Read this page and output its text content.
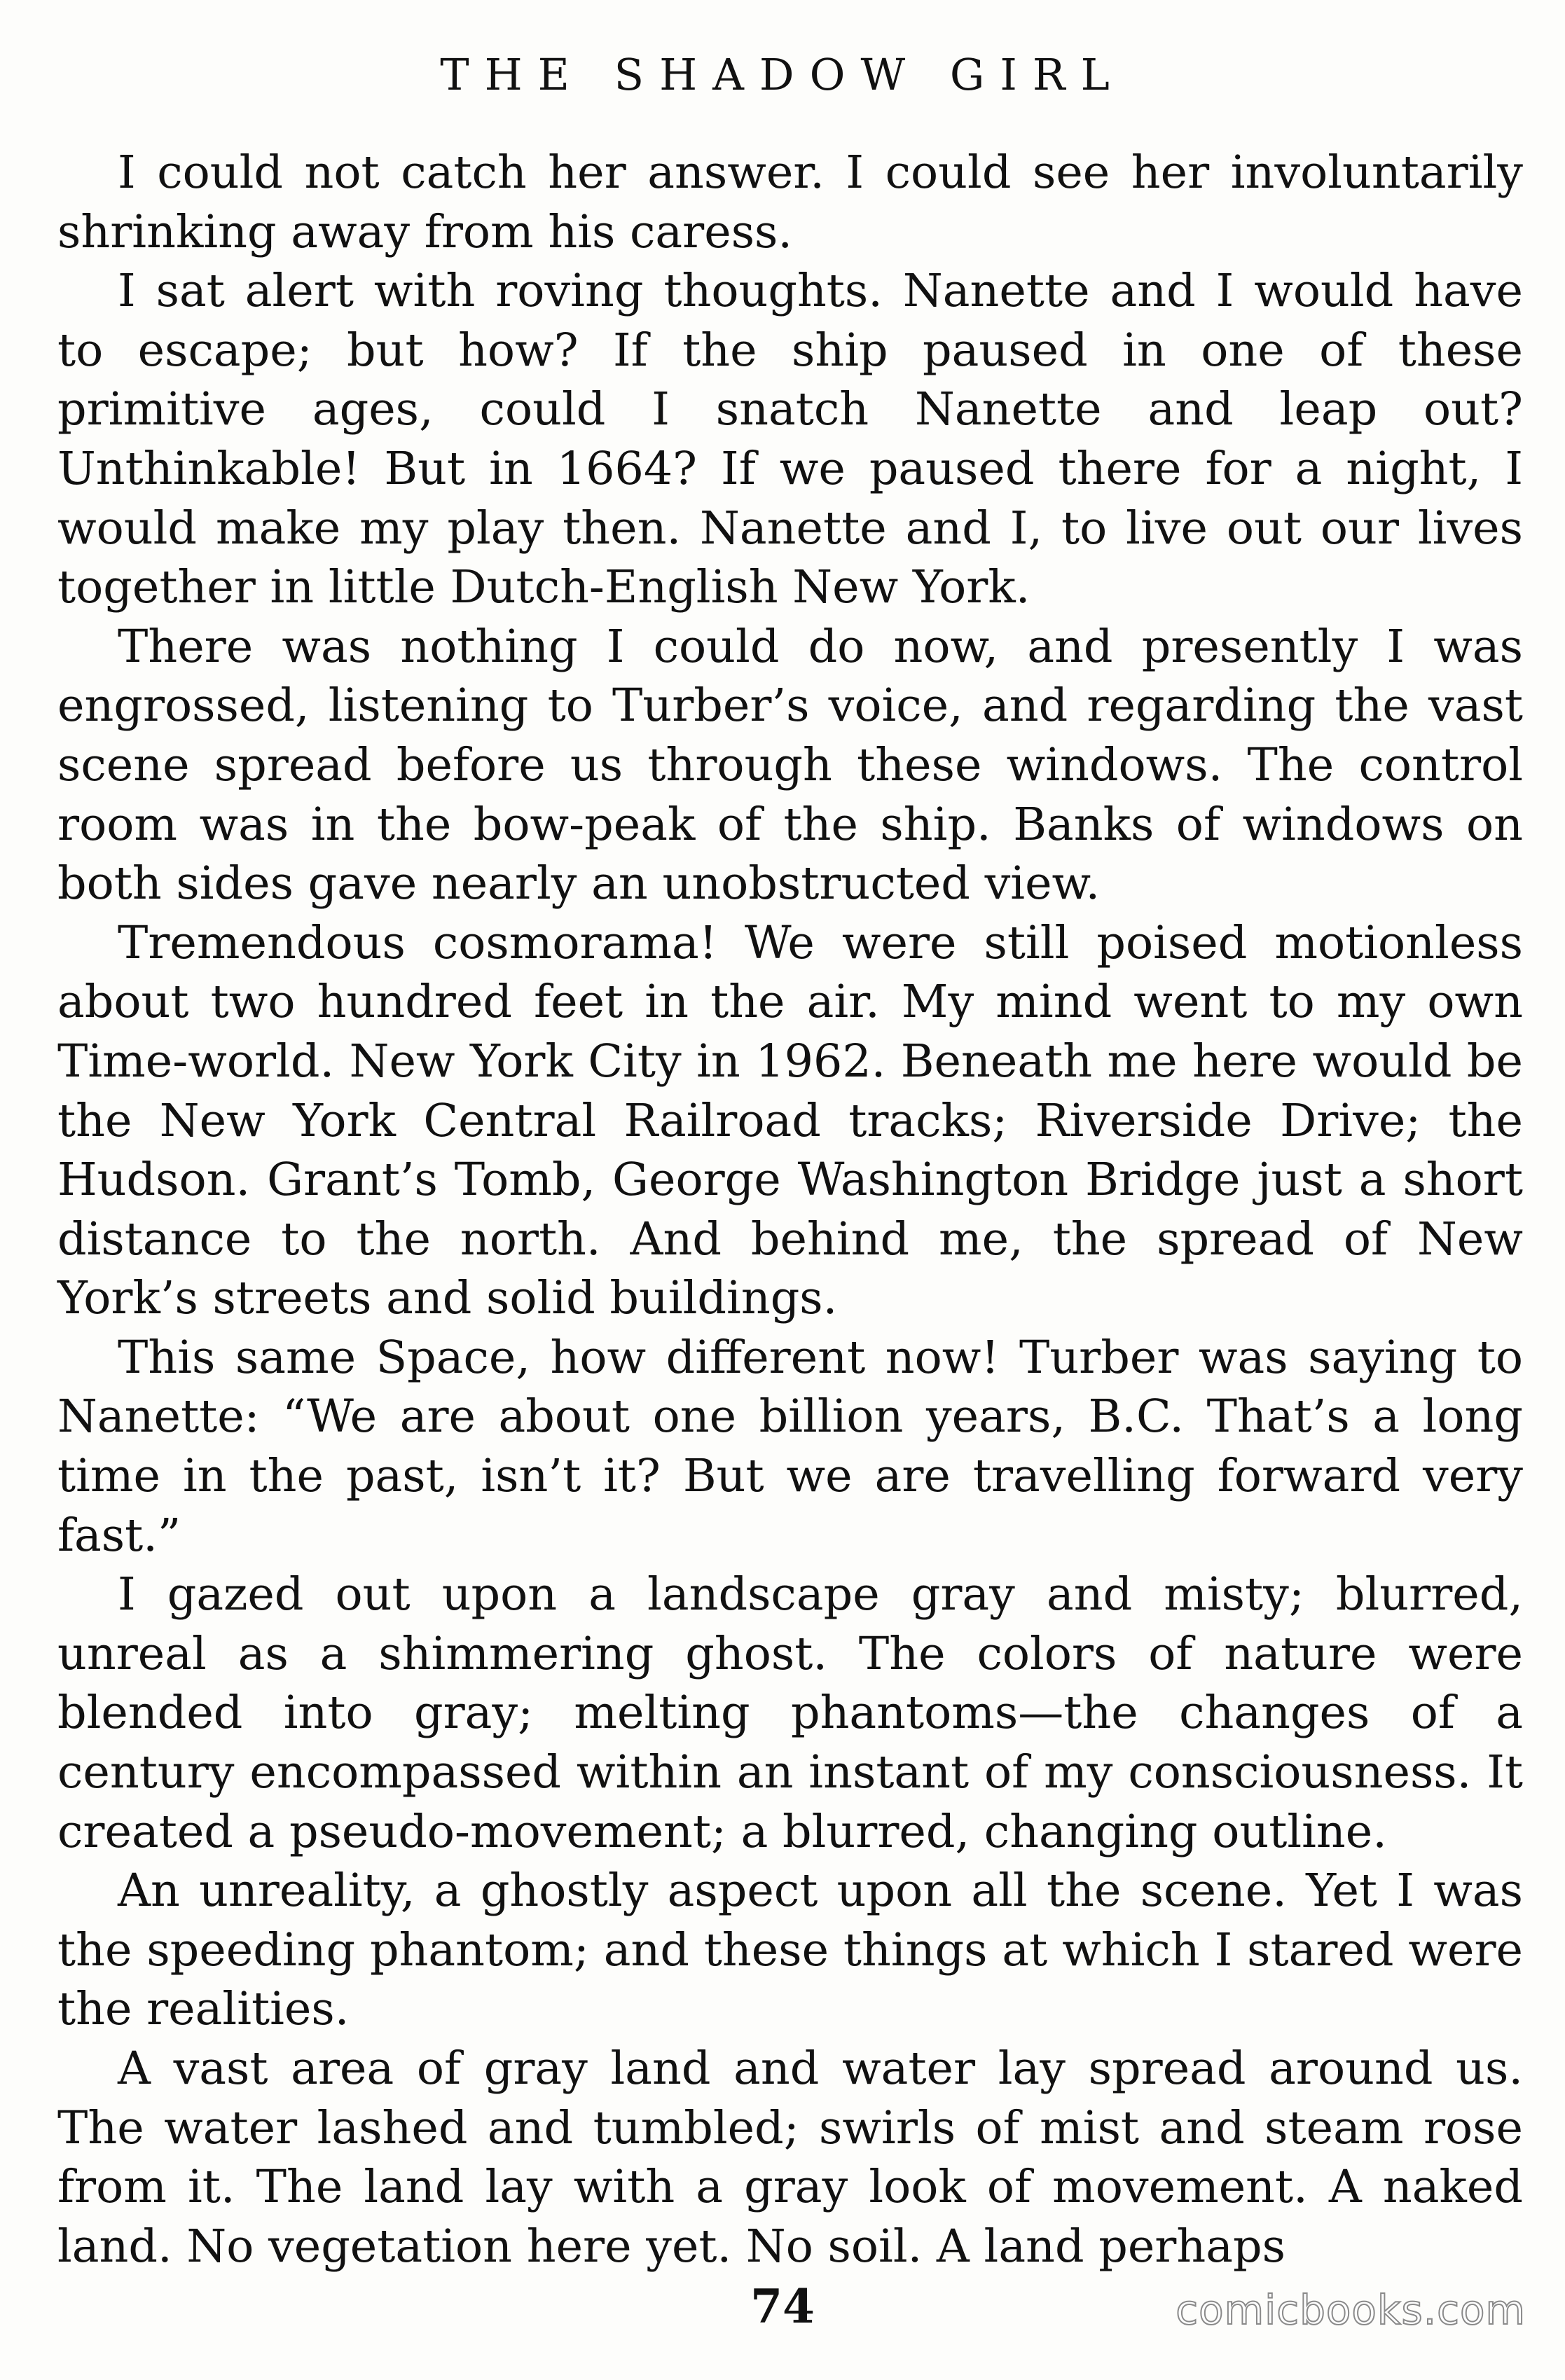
THE SHADOW GIRL

I could not catch her answer. I could see her involuntarily shrinking away from his caress.

I sat alert with roving thoughts. Nanette and I would have to escape; but how? If the ship paused in one of these primitive ages, could I snatch Nanette and leap out? Unthinkable! But in 1664? If we paused there for a night, I would make my play then. Nanette and I, to live out our lives together in little Dutch-English New York.

There was nothing I could do now, and presently I was engrossed, listening to Turber’s voice, and regarding the vast scene spread before us through these windows. The control room was in the bow-peak of the ship. Banks of windows on both sides gave nearly an unobstructed view.

Tremendous cosmorama! We were still poised motionless about two hundred feet in the air. My mind went to my own Time-world. New York City in 1962. Beneath me here would be the New York Central Railroad tracks; Riverside Drive; the Hudson. Grant’s Tomb, George Washington Bridge just a short distance to the north. And behind me, the spread of New York’s streets and solid buildings.

This same Space, how different now! Turber was saying to Nanette: “We are about one billion years, B.C. That’s a long time in the past, isn’t it? But we are travelling forward very fast.”

I gazed out upon a landscape gray and misty; blurred, unreal as a shimmering ghost. The colors of nature were blended into gray; melting phantoms—the changes of a century encompassed within an instant of my consciousness. It created a pseudo-movement; a blurred, changing outline.

An unreality, a ghostly aspect upon all the scene. Yet I was the speeding phantom; and these things at which I stared were the realities.

A vast area of gray land and water lay spread around us. The water lashed and tumbled; swirls of mist and steam rose from it. The land lay with a gray look of movement. A naked land. No vegetation here yet. No soil. A land perhaps

74	comicbooks.com
